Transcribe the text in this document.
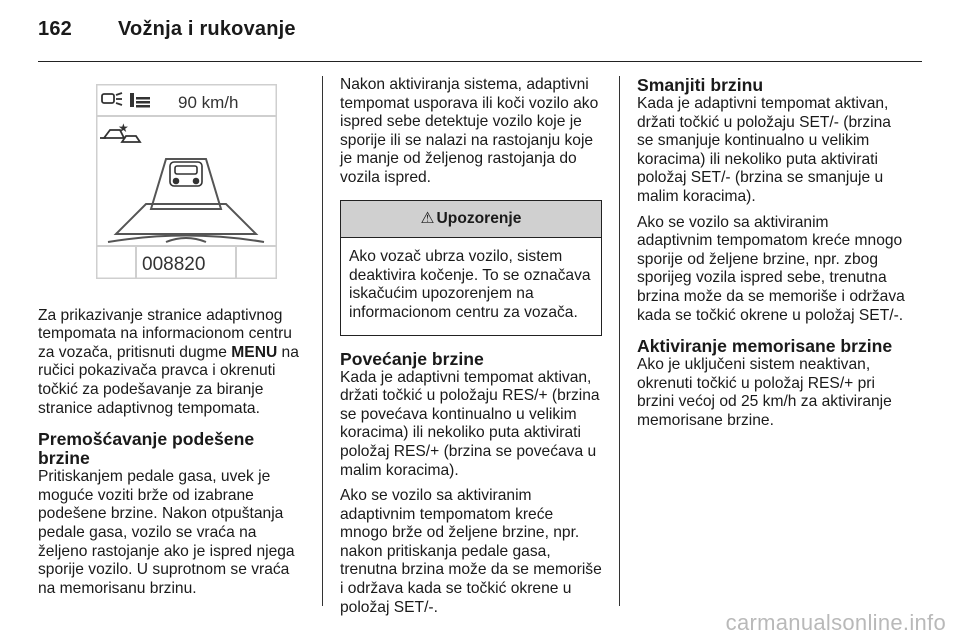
162 Vožnja i rukovanje
90 km/h
★
008820

Za prikazivanje stranice adaptivnog tempomata na informacionom centru za vozača, pritisnuti dugme MENU na ručici pokazivača pravca i okrenuti točkić za podešavanje za biranje stranice adaptivnog tempomata.

Premošćavanje podešene brzine

Pritiskanjem pedale gasa, uvek je moguće voziti brže od izabrane podešene brzine. Nakon otpuštanja pedale gasa, vozilo se vraća na željeno rastojanje ako je ispred njega sporije vozilo. U suprotnom se vraća na memorisanu brzinu.

Nakon aktiviranja sistema, adaptivni tempomat usporava ili koči vozilo ako ispred sebe detektuje vozilo koje je sporije ili se nalazi na rastojanju koje je manje od željenog rastojanja do vozila ispred.

⚠ Upozorenje
Ako vozač ubrza vozilo, sistem deaktivira kočenje. To se označava iskačućim upozorenjem na informacionom centru za vozača.
Povećanje brzine

Kada je adaptivni tempomat aktivan, držati točkić u položaju RES/+ (brzina se povećava kontinualno u velikim koracima) ili nekoliko puta aktivirati položaj RES/+ (brzina se povećava u malim koracima).

Ako se vozilo sa aktiviranim adaptivnim tempomatom kreće mnogo brže od željene brzine, npr. nakon pritiskanja pedale gasa, trenutna brzina može da se memoriše i održava kada se točkić okrene u položaj SET/-.

Smanjiti brzinu

Kada je adaptivni tempomat aktivan, držati točkić u položaju SET/- (brzina se smanjuje kontinualno u velikim koracima) ili nekoliko puta aktivirati položaj SET/- (brzina se smanjuje u malim koracima).

Ako se vozilo sa aktiviranim adaptivnim tempomatom kreće mnogo sporije od željene brzine, npr. zbog sporijeg vozila ispred sebe, trenutna brzina može da se memoriše i održava kada se točkić okrene u položaj SET/-.

Aktiviranje memorisane brzine

Ako je uključeni sistem neaktivan, okrenuti točkić u položaj RES/+ pri brzini većoj od 25 km/h za aktiviranje memorisane brzine.

carmanualsonline.info
